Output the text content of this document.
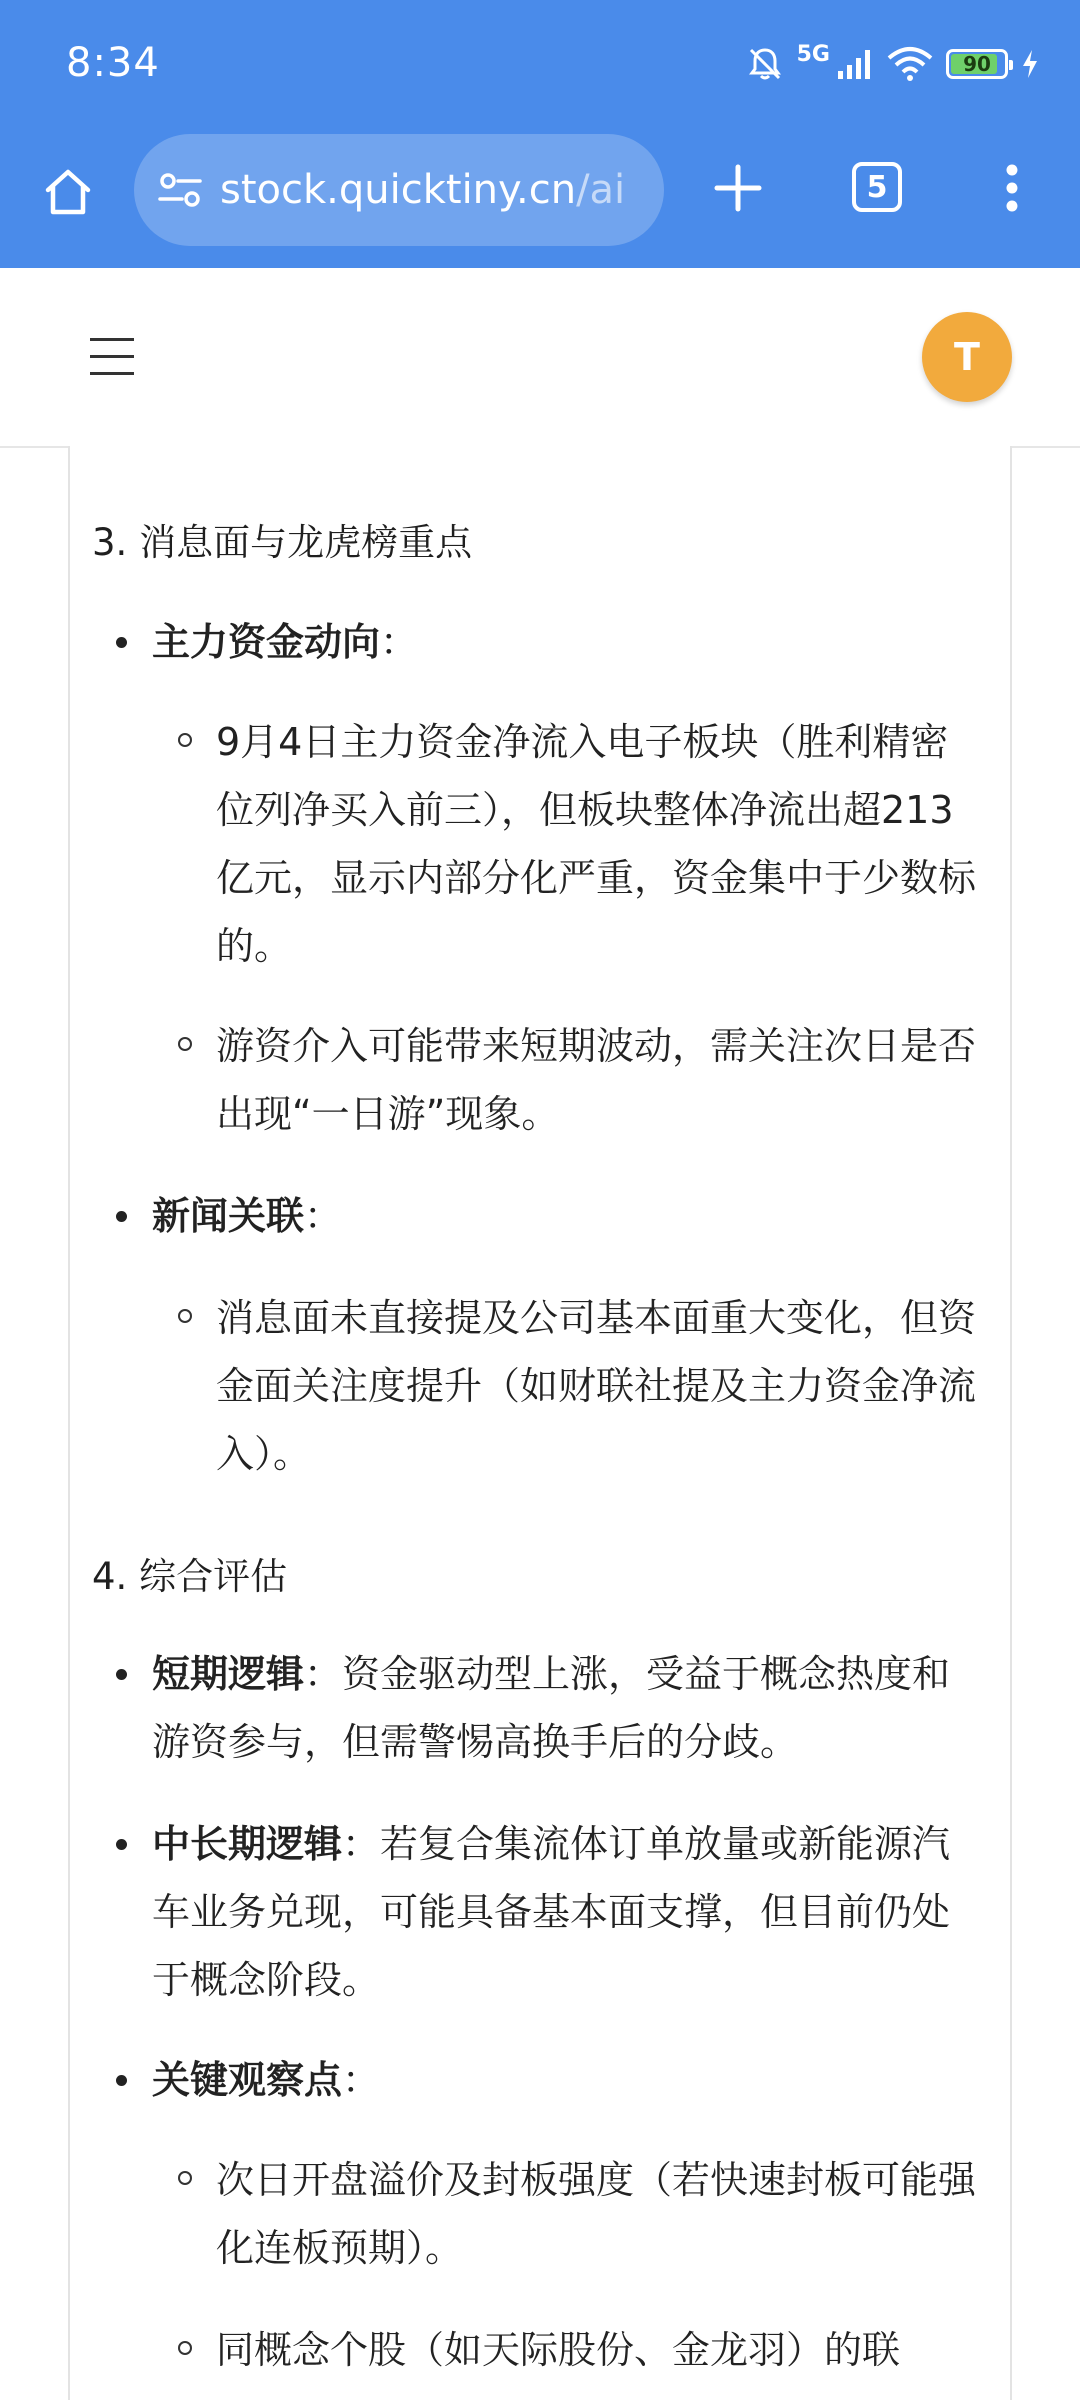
8:34	5G	90
stock.quicktiny.cn/ai	5
T
3. 消息面与龙虎榜重点
主力资金动向：
9月4日主力资金净流入电子板块（胜利精密位列净买入前三），但板块整体净流出超213亿元，显示内部分化严重，资金集中于少数标的。
游资介入可能带来短期波动，需关注次日是否出现“一日游”现象。
新闻关联：
消息面未直接提及公司基本面重大变化，但资金面关注度提升（如财联社提及主力资金净流入）。
4. 综合评估
短期逻辑：资金驱动型上涨，受益于概念热度和游资参与，但需警惕高换手后的分歧。
中长期逻辑：若复合集流体订单放量或新能源汽车业务兑现，可能具备基本面支撑，但目前仍处于概念阶段。
关键观察点：
次日开盘溢价及封板强度（若快速封板可能强化连板预期）。
同概念个股（如天际股份、金龙羽）的联
